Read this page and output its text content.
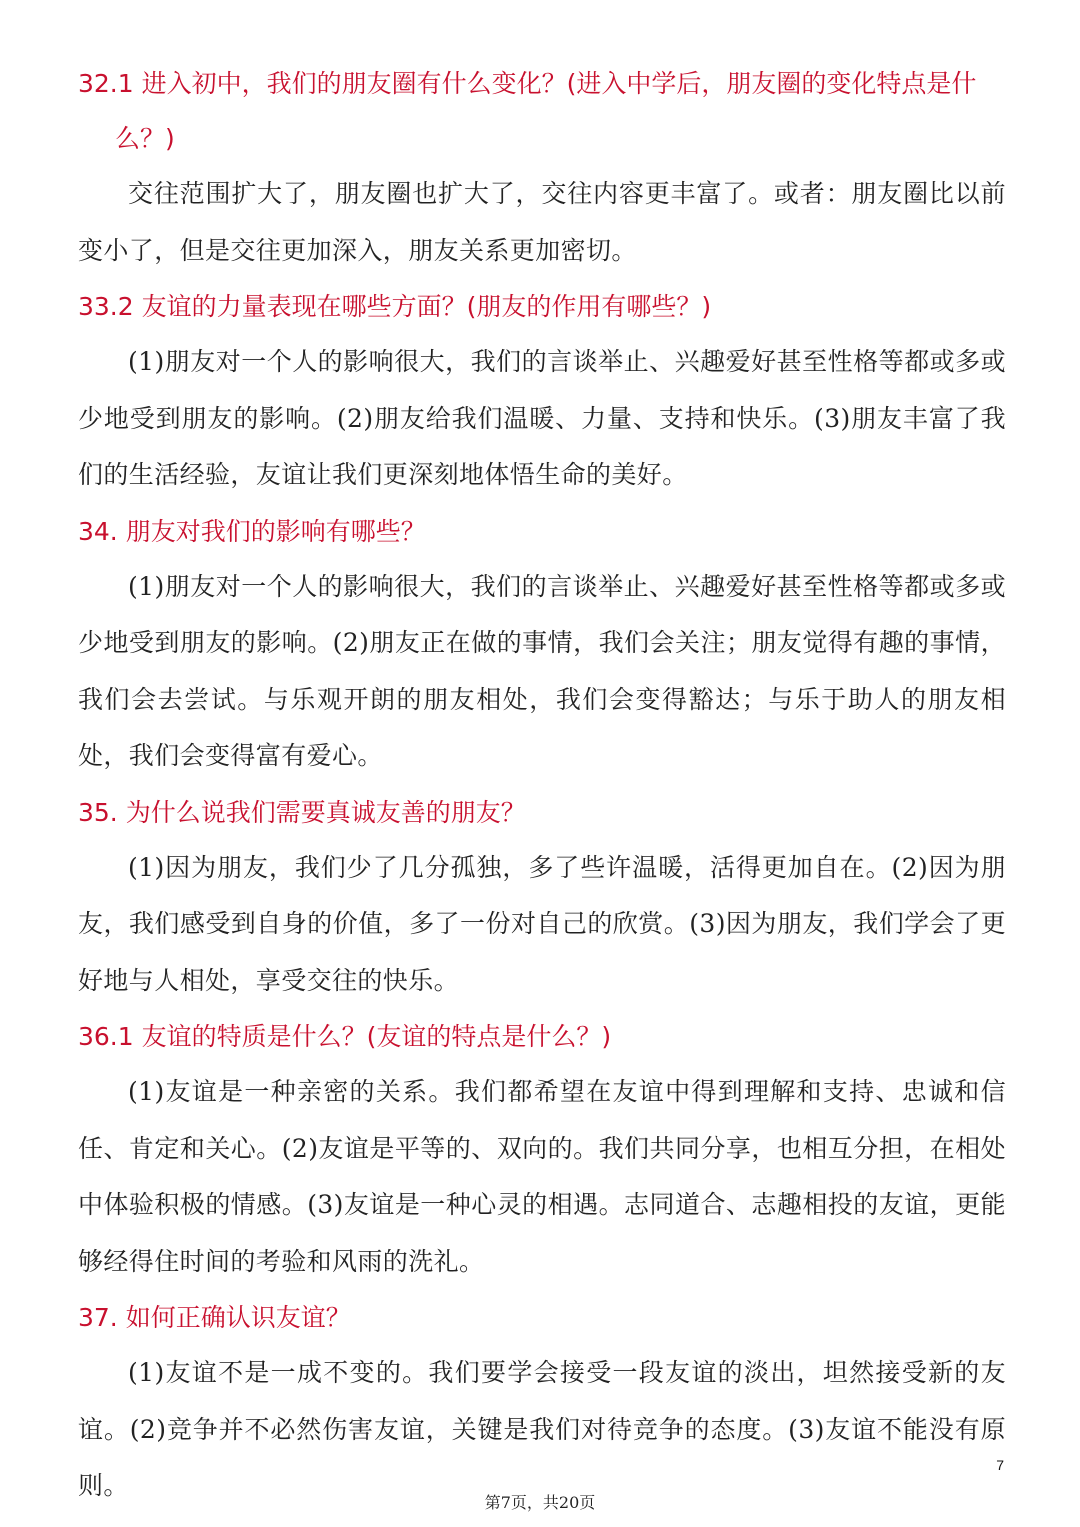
32.1 进入初中，我们的朋友圈有什么变化？(进入中学后，朋友圈的变化特点是什么？)

交往范围扩大了，朋友圈也扩大了，交往内容更丰富了。或者：朋友圈比以前变小了，但是交往更加深入，朋友关系更加密切。

33.2 友谊的力量表现在哪些方面？(朋友的作用有哪些？)

(1)朋友对一个人的影响很大，我们的言谈举止、兴趣爱好甚至性格等都或多或少地受到朋友的影响。(2)朋友给我们温暖、力量、支持和快乐。(3)朋友丰富了我们的生活经验，友谊让我们更深刻地体悟生命的美好。

34. 朋友对我们的影响有哪些？

(1)朋友对一个人的影响很大，我们的言谈举止、兴趣爱好甚至性格等都或多或少地受到朋友的影响。(2)朋友正在做的事情，我们会关注；朋友觉得有趣的事情，我们会去尝试。与乐观开朗的朋友相处，我们会变得豁达；与乐于助人的朋友相处，我们会变得富有爱心。

35. 为什么说我们需要真诚友善的朋友？

(1)因为朋友，我们少了几分孤独，多了些许温暖，活得更加自在。(2)因为朋友，我们感受到自身的价值，多了一份对自己的欣赏。(3)因为朋友，我们学会了更好地与人相处，享受交往的快乐。

36.1 友谊的特质是什么？(友谊的特点是什么？)

(1)友谊是一种亲密的关系。我们都希望在友谊中得到理解和支持、忠诚和信任、肯定和关心。(2)友谊是平等的、双向的。我们共同分享，也相互分担，在相处中体验积极的情感。(3)友谊是一种心灵的相遇。志同道合、志趣相投的友谊，更能够经得住时间的考验和风雨的洗礼。

37. 如何正确认识友谊？

(1)友谊不是一成不变的。我们要学会接受一段友谊的淡出，坦然接受新的友谊。(2)竞争并不必然伤害友谊，关键是我们对待竞争的态度。(3)友谊不能没有原则。

7
第7页，共20页
